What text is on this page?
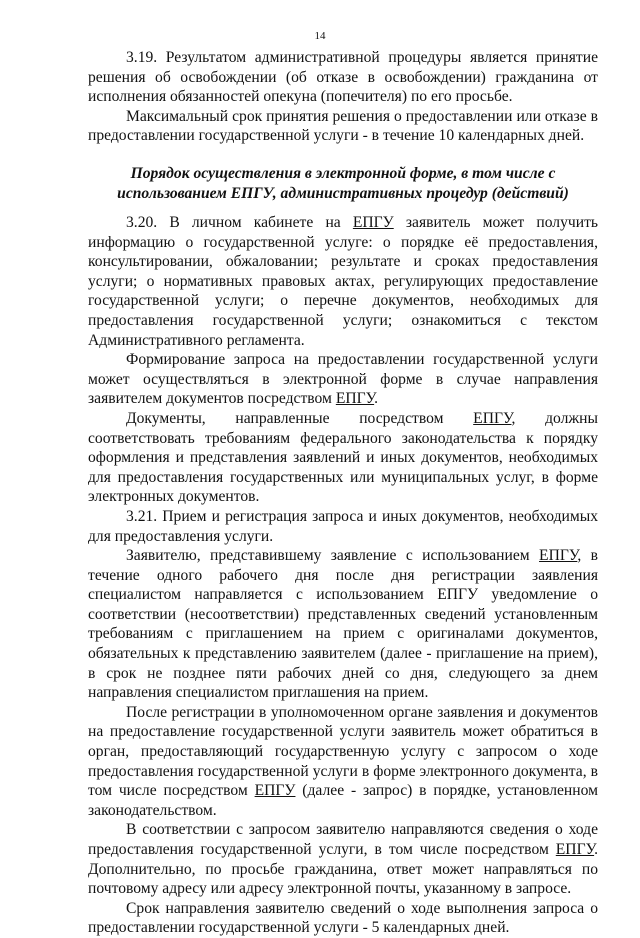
14

3.19. Результатом административной процедуры является принятие решения об освобождении (об отказе в освобождении) гражданина от исполнения обязанностей опекуна (попечителя) по его просьбе.

Максимальный срок принятия решения о предоставлении или отказе в предоставлении государственной услуги - в течение 10 календарных дней.

Порядок осуществления в электронной форме, в том числе с использованием ЕПГУ, административных процедур (действий)

3.20. В личном кабинете на ЕПГУ заявитель может получить информацию о государственной услуге: о порядке её предоставления, консультировании, обжаловании; результате и сроках предоставления услуги; о нормативных правовых актах, регулирующих предоставление государственной услуги; о перечне документов, необходимых для предоставления государственной услуги; ознакомиться с текстом Административного регламента.

Формирование запроса на предоставлении государственной услуги может осуществляться в электронной форме в случае направления заявителем документов посредством ЕПГУ.

Документы, направленные посредством ЕПГУ, должны соответствовать требованиям федерального законодательства к порядку оформления и представления заявлений и иных документов, необходимых для предоставления государственных или муниципальных услуг, в форме электронных документов.

3.21. Прием и регистрация запроса и иных документов, необходимых для предоставления услуги.

Заявителю, представившему заявление с использованием ЕПГУ, в течение одного рабочего дня после дня регистрации заявления специалистом направляется с использованием ЕПГУ уведомление о соответствии (несоответствии) представленных сведений установленным требованиям с приглашением на прием с оригиналами документов, обязательных к представлению заявителем (далее - приглашение на прием), в срок не позднее пяти рабочих дней со дня, следующего за днем направления специалистом приглашения на прием.

После регистрации в уполномоченном органе заявления и документов на предоставление государственной услуги заявитель может обратиться в орган, предоставляющий государственную услугу с запросом о ходе предоставления государственной услуги в форме электронного документа, в том числе посредством ЕПГУ (далее - запрос) в порядке, установленном законодательством.

В соответствии с запросом заявителю направляются сведения о ходе предоставления государственной услуги, в том числе посредством ЕПГУ. Дополнительно, по просьбе гражданина, ответ может направляться по почтовому адресу или адресу электронной почты, указанному в запросе.

Срок направления заявителю сведений о ходе выполнения запроса о предоставлении государственной услуги - 5 календарных дней.
